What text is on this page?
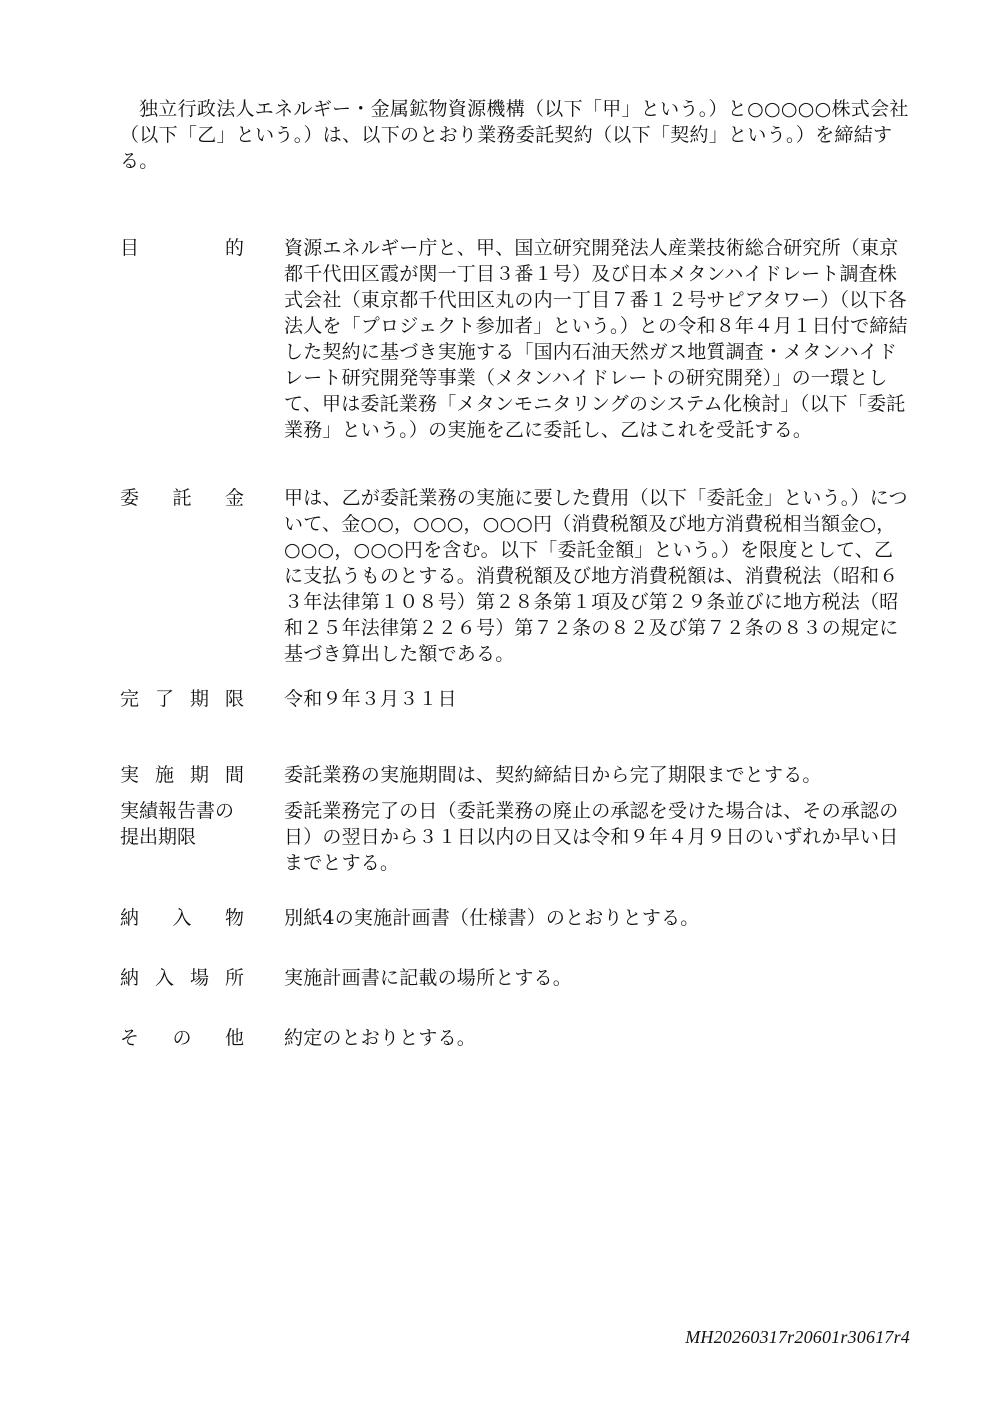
独立行政法人エネルギー・金属鉱物資源機構（以下「甲」という。）と○○○○○株式会社（以下「乙」という。）は、以下のとおり業務委託契約（以下「契約」という。）を締結する。
目的 資源エネルギー庁と、甲、国立研究開発法人産業技術総合研究所（東京都千代田区霞が関一丁目３番１号）及び日本メタンハイドレート調査株式会社（東京都千代田区丸の内一丁目７番１２号サピアタワー）（以下各法人を「プロジェクト参加者」という。）との令和８年４月１日付で締結した契約に基づき実施する「国内石油天然ガス地質調査・メタンハイドレート研究開発等事業（メタンハイドレートの研究開発）」の一環として、甲は委託業務「メタンモニタリングのシステム化検討」（以下「委託業務」という。）の実施を乙に委託し、乙はこれを受託する。
委託金 甲は、乙が委託業務の実施に要した費用（以下「委託金」という。）について、金○○，○○○，○○○円（消費税額及び地方消費税相当額金○，○○○，○○○円を含む。以下「委託金額」という。）を限度として、乙に支払うものとする。消費税額及び地方消費税額は、消費税法（昭和６３年法律第１０８号）第２８条第１項及び第２９条並びに地方税法（昭和２５年法律第２２６号）第７２条の８２及び第７２条の８３の規定に基づき算出した額である。
完了期限 令和９年３月３１日
実施期間 委託業務の実施期間は、契約締結日から完了期限までとする。
実績報告書の
提出期限
委託業務完了の日（委託業務の廃止の承認を受けた場合は、その承認の日）の翌日から３１日以内の日又は令和９年４月９日のいずれか早い日までとする。
納入物 別紙4の実施計画書（仕様書）のとおりとする。
納入場所 実施計画書に記載の場所とする。
その他 約定のとおりとする。
MH20260317r20601r30617r4
